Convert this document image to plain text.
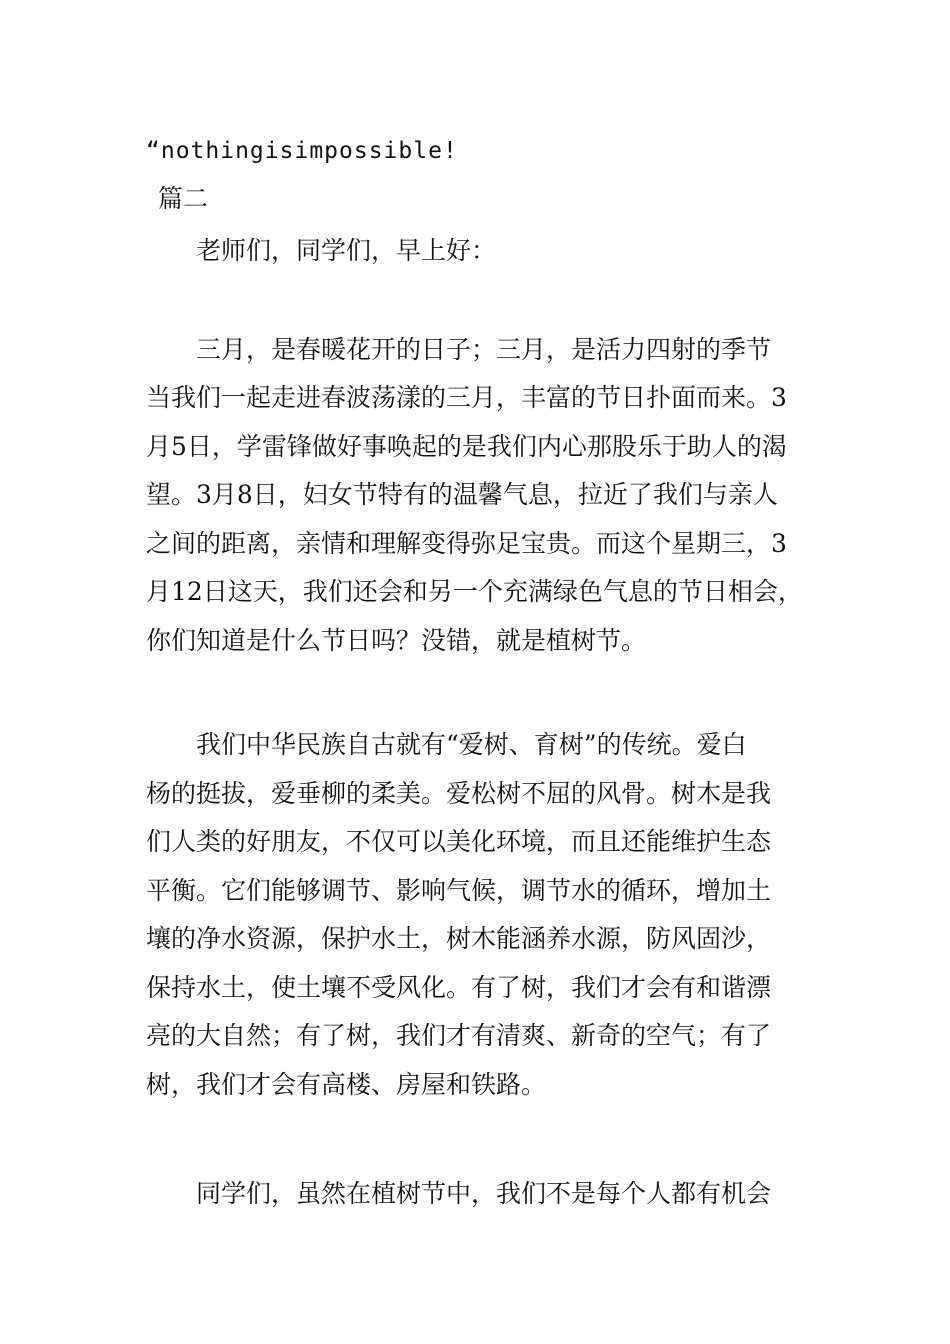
“nothingisimpossible!
篇二
老师们，同学们，早上好：
三月，是春暖花开的日子；三月，是活力四射的季节
当我们一起走进春波荡漾的三月，丰富的节日扑面而来。3
月5日，学雷锋做好事唤起的是我们内心那股乐于助人的渴
望。3月8日，妇女节特有的温馨气息，拉近了我们与亲人
之间的距离，亲情和理解变得弥足宝贵。而这个星期三，3
月12日这天，我们还会和另一个充满绿色气息的节日相会，
你们知道是什么节日吗？没错，就是植树节。
我们中华民族自古就有“爱树、育树”的传统。爱白
杨的挺拔，爱垂柳的柔美。爱松树不屈的风骨。树木是我
们人类的好朋友，不仅可以美化环境，而且还能维护生态
平衡。它们能够调节、影响气候，调节水的循环，增加土
壤的净水资源，保护水土，树木能涵养水源，防风固沙，
保持水土，使土壤不受风化。有了树，我们才会有和谐漂
亮的大自然；有了树，我们才有清爽、新奇的空气；有了
树，我们才会有高楼、房屋和铁路。
同学们，虽然在植树节中，我们不是每个人都有机会
